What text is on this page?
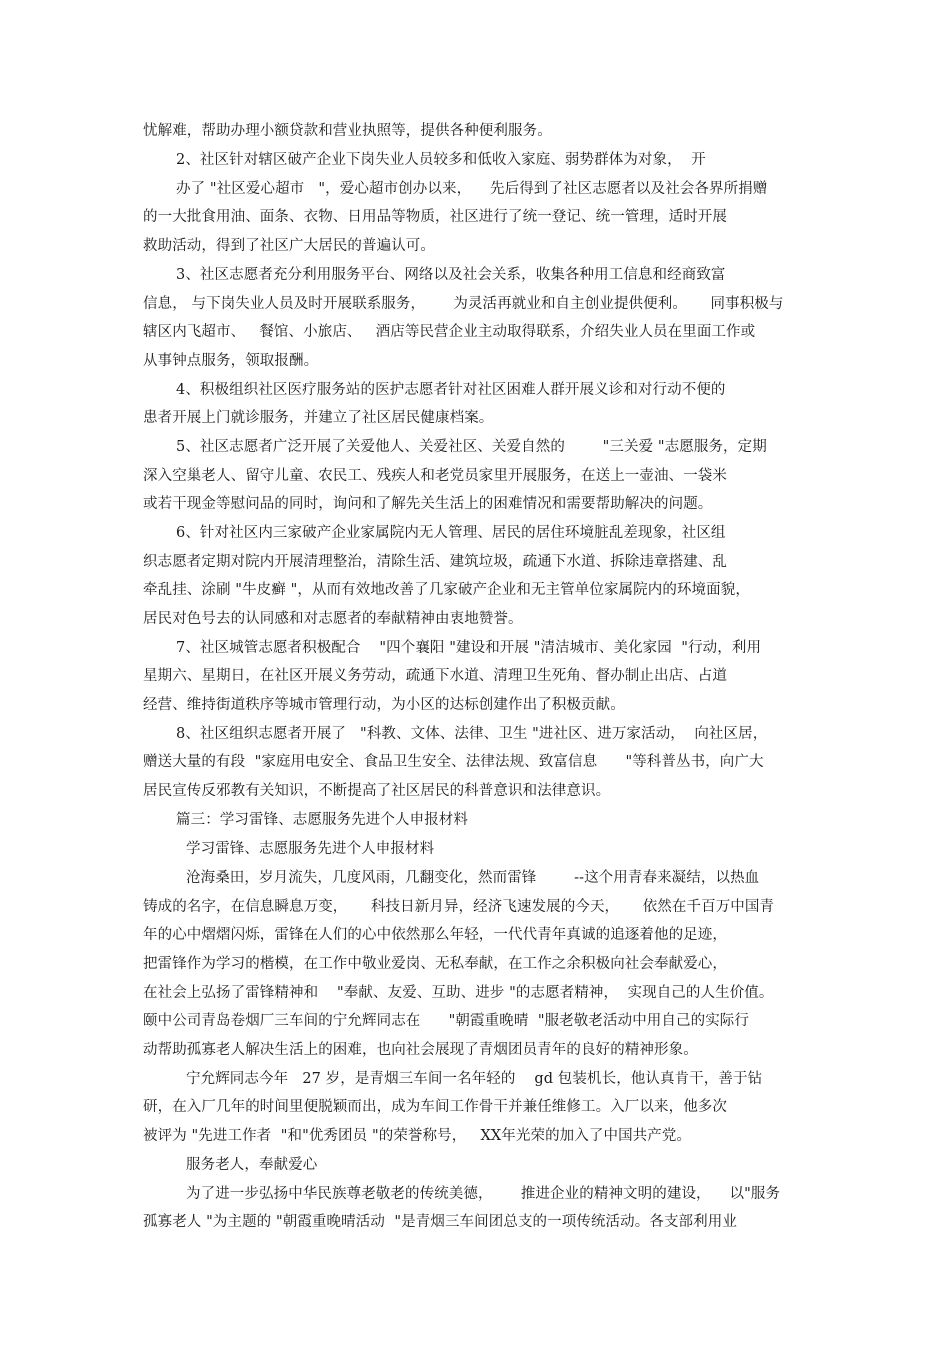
忧解难，帮助办理小额贷款和营业执照等，提供各种便利服务。
2、社区针对辖区破产企业下岗失业人员较多和低收入家庭、弱势群体为对象，  开
办了 "社区爱心超市   "，爱心超市创办以来，    先后得到了社区志愿者以及社会各界所捐赠
的一大批食用油、面条、衣物、日用品等物质，社区进行了统一登记、统一管理，适时开展
救助活动，得到了社区广大居民的普遍认可。
3、社区志愿者充分利用服务平台、网络以及社会关系，收集各种用工信息和经商致富
信息， 与下岗失业人员及时开展联系服务，      为灵活再就业和自主创业提供便利。     同事积极与
辖区内飞超市、   餐馆、小旅店、   酒店等民营企业主动取得联系，介绍失业人员在里面工作或
从事钟点服务，领取报酬。
4、积极组织社区医疗服务站的医护志愿者针对社区困难人群开展义诊和对行动不便的
患者开展上门就诊服务，并建立了社区居民健康档案。
5、社区志愿者广泛开展了关爱他人、关爱社区、关爱自然的        "三关爱 "志愿服务，定期
深入空巢老人、留守儿童、农民工、残疾人和老党员家里开展服务，在送上一壶油、一袋米
或若干现金等慰问品的同时，询问和了解先关生活上的困难情况和需要帮助解决的问题。
6、针对社区内三家破产企业家属院内无人管理、居民的居住环境脏乱差现象，社区组
织志愿者定期对院内开展清理整治，清除生活、建筑垃圾，疏通下水道、拆除违章搭建、乱
牵乱挂、涂刷 "牛皮癣 "，从而有效地改善了几家破产企业和无主管单位家属院内的环境面貌，
居民对色号去的认同感和对志愿者的奉献精神由衷地赞誉。
7、社区城管志愿者积极配合    "四个襄阳 "建设和开展 "清洁城市、美化家园  "行动，利用
星期六、星期日，在社区开展义务劳动，疏通下水道、清理卫生死角、督办制止出店、占道
经营、维持街道秩序等城市管理行动，为小区的达标创建作出了积极贡献。
8、社区组织志愿者开展了   "科教、文体、法律、卫生 "进社区、进万家活动，  向社区居，
赠送大量的有段  "家庭用电安全、食品卫生安全、法律法规、致富信息      "等科普丛书，向广大
居民宣传反邪教有关知识，不断提高了社区居民的科普意识和法律意识。
篇三：学习雷锋、志愿服务先进个人申报材料
学习雷锋、志愿服务先进个人申报材料
沧海桑田，岁月流失，几度风雨，几翻变化，然而雷锋        --这个用青春来凝结，以热血
铸成的名字，在信息瞬息万变，     科技日新月异，经济飞速发展的今天，     依然在千百万中国青
年的心中熠熠闪烁，雷锋在人们的心中依然那么年轻，一代代青年真诚的追逐着他的足迹，
把雷锋作为学习的楷模，在工作中敬业爱岗、无私奉献，在工作之余积极向社会奉献爱心，
在社会上弘扬了雷锋精神和    "奉献、友爱、互助、进步 "的志愿者精神，  实现自己的人生价值。
颐中公司青岛卷烟厂三车间的宁允辉同志在      "朝霞重晚晴  "服老敬老活动中用自己的实际行
动帮助孤寡老人解决生活上的困难，也向社会展现了青烟团员青年的良好的精神形象。
宁允辉同志今年   27 岁，是青烟三车间一名年轻的    gd 包装机长，他认真肯干，善于钻
研，在入厂几年的时间里便脱颖而出，成为车间工作骨干并兼任维修工。入厂以来，他多次
被评为 "先进工作者  "和"优秀团员 "的荣誉称号，   XX年光荣的加入了中国共产党。
服务老人，奉献爱心
为了进一步弘扬中华民族尊老敬老的传统美德，      推进企业的精神文明的建设，    以"服务
孤寡老人 "为主题的 "朝霞重晚晴活动  "是青烟三车间团总支的一项传统活动。各支部利用业
